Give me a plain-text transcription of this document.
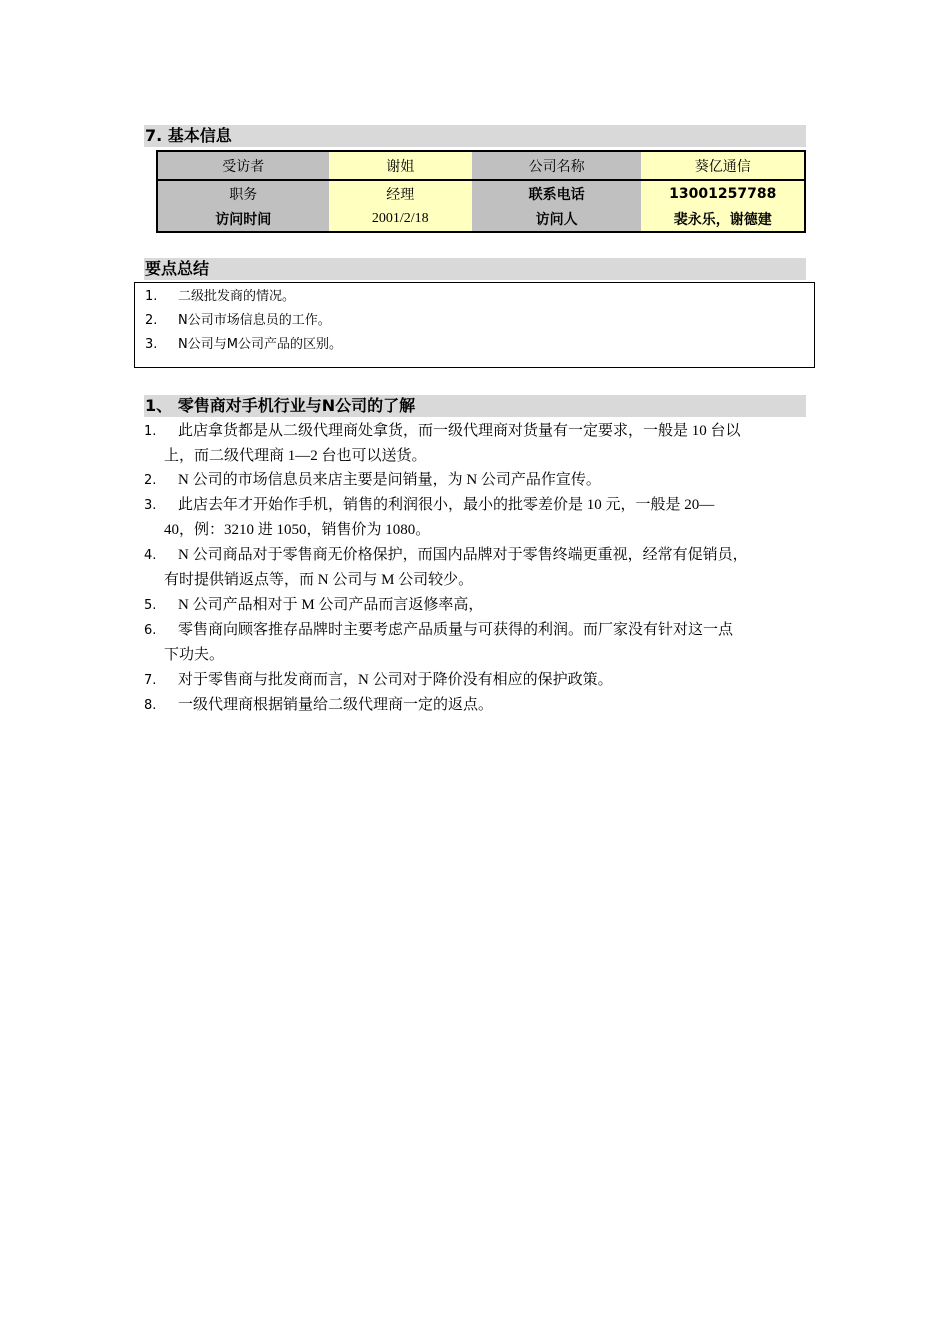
7. 基本信息
受访者	谢姐	公司名称	葵亿通信
职务	经理	联系电话	13001257788
访问时间	2001/2/18	访问人	裴永乐，谢德建
要点总结
1. 二级批发商的情况。
2. N公司市场信息员的工作。
3. N公司与M公司产品的区别。
1、 零售商对手机行业与N公司的了解
1. 此店拿货都是从二级代理商处拿货，而一级代理商对货量有一定要求，一般是 10 台以
上，而二级代理商 1—2 台也可以送货。
2. N 公司的市场信息员来店主要是问销量，为 N 公司产品作宣传。
3. 此店去年才开始作手机，销售的利润很小，最小的批零差价是 10 元，一般是 20—
40，例：3210 进 1050，销售价为 1080。
4. N 公司商品对于零售商无价格保护，而国内品牌对于零售终端更重视，经常有促销员，
有时提供销返点等，而 N 公司与 M 公司较少。
5. N 公司产品相对于 M 公司产品而言返修率高，
6. 零售商向顾客推存品牌时主要考虑产品质量与可获得的利润。而厂家没有针对这一点
下功夫。
7. 对于零售商与批发商而言，N 公司对于降价没有相应的保护政策。
8. 一级代理商根据销量给二级代理商一定的返点。
